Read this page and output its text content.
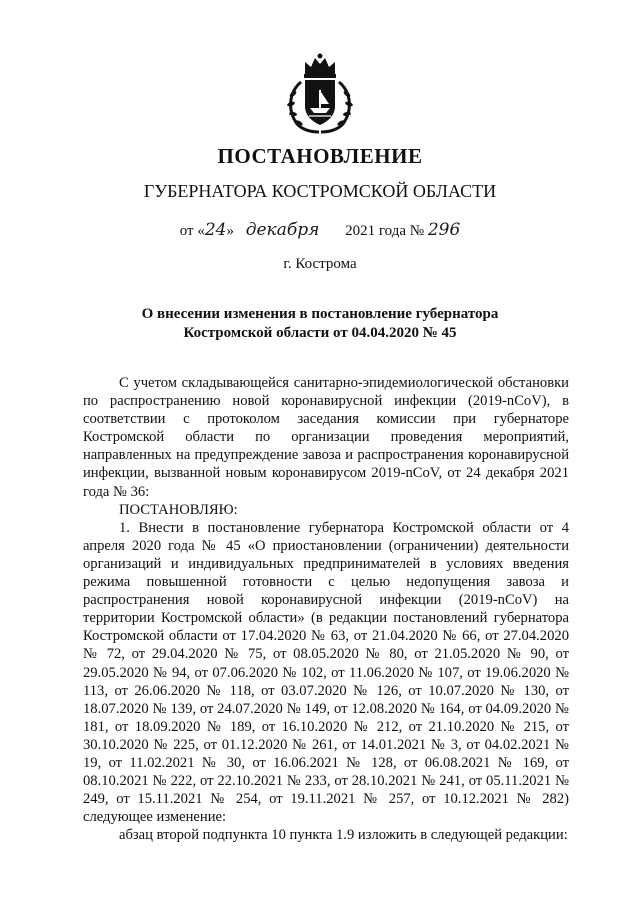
ПОСТАНОВЛЕНИЕ
ГУБЕРНАТОРА КОСТРОМСКОЙ ОБЛАСТИ
от «24» декабря 2021 года № 296
г. Кострома
О внесении изменения в постановление губернатора
Костромской области от 04.04.2020 № 45

С учетом складывающейся санитарно-эпидемиологической обстановки по распространению новой коронавирусной инфекции (2019-nCoV), в соответствии с протоколом заседания комиссии при губернаторе Костромской области по организации проведения мероприятий, направленных на предупреждение завоза и распространения коронавирусной инфекции, вызванной новым коронавирусом 2019-nCoV, от 24 декабря 2021 года № 36:

ПОСТАНОВЛЯЮ:

1. Внести в постановление губернатора Костромской области от 4 апреля 2020 года № 45 «О приостановлении (ограничении) деятельности организаций и индивидуальных предпринимателей в условиях введения режима повышенной готовности с целью недопущения завоза и распространения новой коронавирусной инфекции (2019-nCoV) на территории Костромской области» (в редакции постановлений губернатора Костромской области от 17.04.2020 № 63, от 21.04.2020 № 66, от 27.04.2020 № 72, от 29.04.2020 № 75, от 08.05.2020 № 80, от 21.05.2020 № 90, от 29.05.2020 № 94, от 07.06.2020 № 102, от 11.06.2020 № 107, от 19.06.2020 № 113, от 26.06.2020 № 118, от 03.07.2020 № 126, от 10.07.2020 № 130, от 18.07.2020 № 139, от 24.07.2020 № 149, от 12.08.2020 № 164, от 04.09.2020 № 181, от 18.09.2020 № 189, от 16.10.2020 № 212, от 21.10.2020 № 215, от 30.10.2020 № 225, от 01.12.2020 № 261, от 14.01.2021 № 3, от 04.02.2021 № 19, от 11.02.2021 № 30, от 16.06.2021 № 128, от 06.08.2021 № 169, от 08.10.2021 № 222, от 22.10.2021 № 233, от 28.10.2021 № 241, от 05.11.2021 № 249, от 15.11.2021 № 254, от 19.11.2021 № 257, от 10.12.2021 № 282) следующее изменение:

абзац второй подпункта 10 пункта 1.9 изложить в следующей редакции:
